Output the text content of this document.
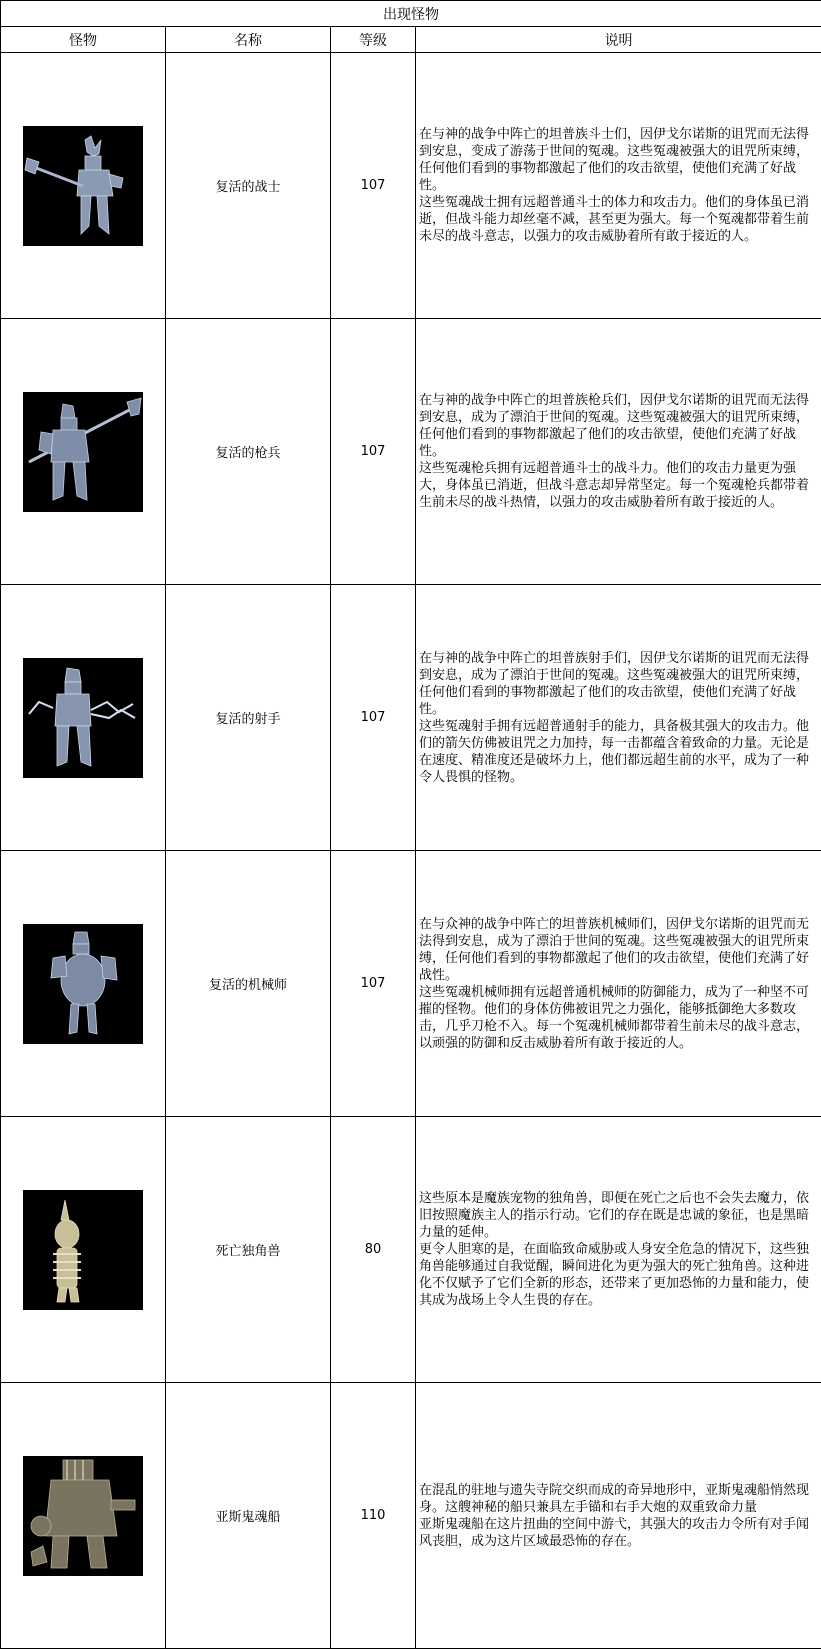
出现怪物			
怪物	名称	等级	说明

	复活的战士	107	在与神的战争中阵亡的坦普族斗士们，因伊戈尔诺斯的诅咒而无法得到安息，变成了游荡于世间的冤魂。这些冤魂被强大的诅咒所束缚，任何他们看到的事物都激起了他们的攻击欲望，使他们充满了好战性。

这些冤魂战士拥有远超普通斗士的体力和攻击力。他们的身体虽已消逝，但战斗能力却丝毫不减，甚至更为强大。每一个冤魂都带着生前未尽的战斗意志，以强力的攻击威胁着所有敢于接近的人。

	复活的枪兵	107	在与神的战争中阵亡的坦普族枪兵们，因伊戈尔诺斯的诅咒而无法得到安息，成为了漂泊于世间的冤魂。这些冤魂被强大的诅咒所束缚，任何他们看到的事物都激起了他们的攻击欲望，使他们充满了好战性。

这些冤魂枪兵拥有远超普通斗士的战斗力。他们的攻击力量更为强大，身体虽已消逝，但战斗意志却异常坚定。每一个冤魂枪兵都带着生前未尽的战斗热情，以强力的攻击威胁着所有敢于接近的人。

	复活的射手	107	在与神的战争中阵亡的坦普族射手们，因伊戈尔诺斯的诅咒而无法得到安息，成为了漂泊于世间的冤魂。这些冤魂被强大的诅咒所束缚，任何他们看到的事物都激起了他们的攻击欲望，使他们充满了好战性。

这些冤魂射手拥有远超普通射手的能力，具备极其强大的攻击力。他们的箭矢仿佛被诅咒之力加持，每一击都蕴含着致命的力量。无论是在速度、精准度还是破坏力上，他们都远超生前的水平，成为了一种令人畏惧的怪物。

	复活的机械师	107	在与众神的战争中阵亡的坦普族机械师们，因伊戈尔诺斯的诅咒而无法得到安息，成为了漂泊于世间的冤魂。这些冤魂被强大的诅咒所束缚，任何他们看到的事物都激起了他们的攻击欲望，使他们充满了好战性。

这些冤魂机械师拥有远超普通机械师的防御能力，成为了一种坚不可摧的怪物。他们的身体仿佛被诅咒之力强化，能够抵御绝大多数攻击，几乎刀枪不入。每一个冤魂机械师都带着生前未尽的战斗意志，以顽强的防御和反击威胁着所有敢于接近的人。

	死亡独角兽	80	这些原本是魔族宠物的独角兽，即便在死亡之后也不会失去魔力，依旧按照魔族主人的指示行动。它们的存在既是忠诚的象征，也是黑暗力量的延伸。

更令人胆寒的是，在面临致命威胁或人身安全危急的情况下，这些独角兽能够通过自我觉醒，瞬间进化为更为强大的死亡独角兽。这种进化不仅赋予了它们全新的形态，还带来了更加恐怖的力量和能力，使其成为战场上令人生畏的存在。

	亚斯鬼魂船	110	在混乱的驻地与遗失寺院交织而成的奇异地形中，亚斯鬼魂船悄然现身。这艘神秘的船只兼具左手锚和右手大炮的双重致命力量

亚斯鬼魂船在这片扭曲的空间中游弋，其强大的攻击力令所有对手闻风丧胆，成为这片区域最恐怖的存在。
